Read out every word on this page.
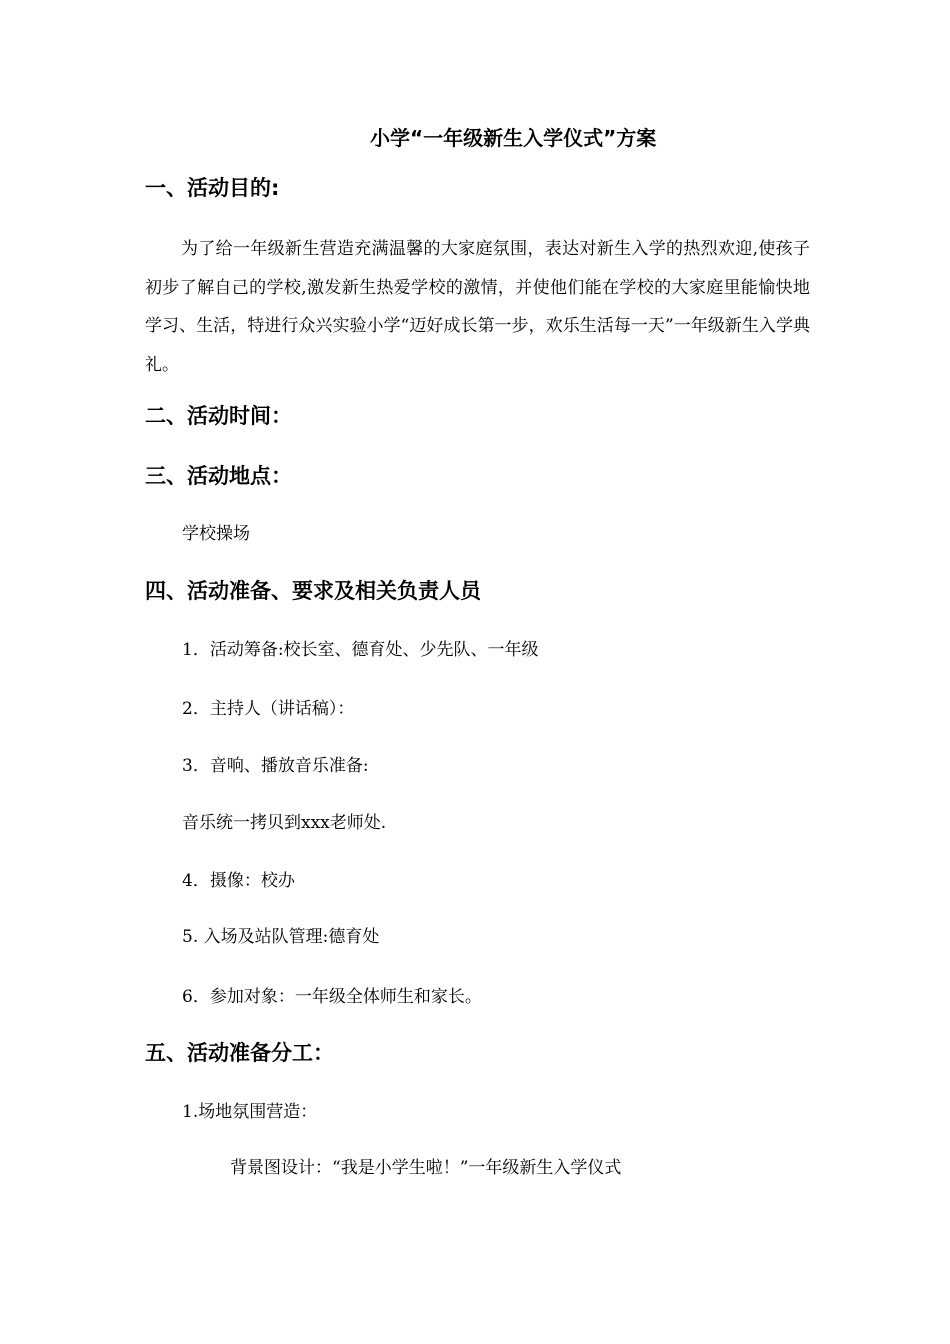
小学“一年级新生入学仪式”方案
一、活动目的:
为了给一年级新生营造充满温馨的大家庭氛围，表达对新生入学的热烈欢迎,使孩子初步了解自己的学校,激发新生热爱学校的激情，并使他们能在学校的大家庭里能愉快地学习、生活，特进行众兴实验小学“迈好成长第一步，欢乐生活每一天”一年级新生入学典礼。
二、活动时间：
三、活动地点：
学校操场
四、活动准备、要求及相关负责人员
1．活动筹备:校长室、德育处、少先队、一年级
2．主持人（讲话稿）：
3．音响、播放音乐准备:
音乐统一拷贝到xxx老师处.
4．摄像：校办
5. 入场及站队管理:德育处
6．参加对象：一年级全体师生和家长。
五、活动准备分工：
1.场地氛围营造：
背景图设计：“我是小学生啦！”一年级新生入学仪式
